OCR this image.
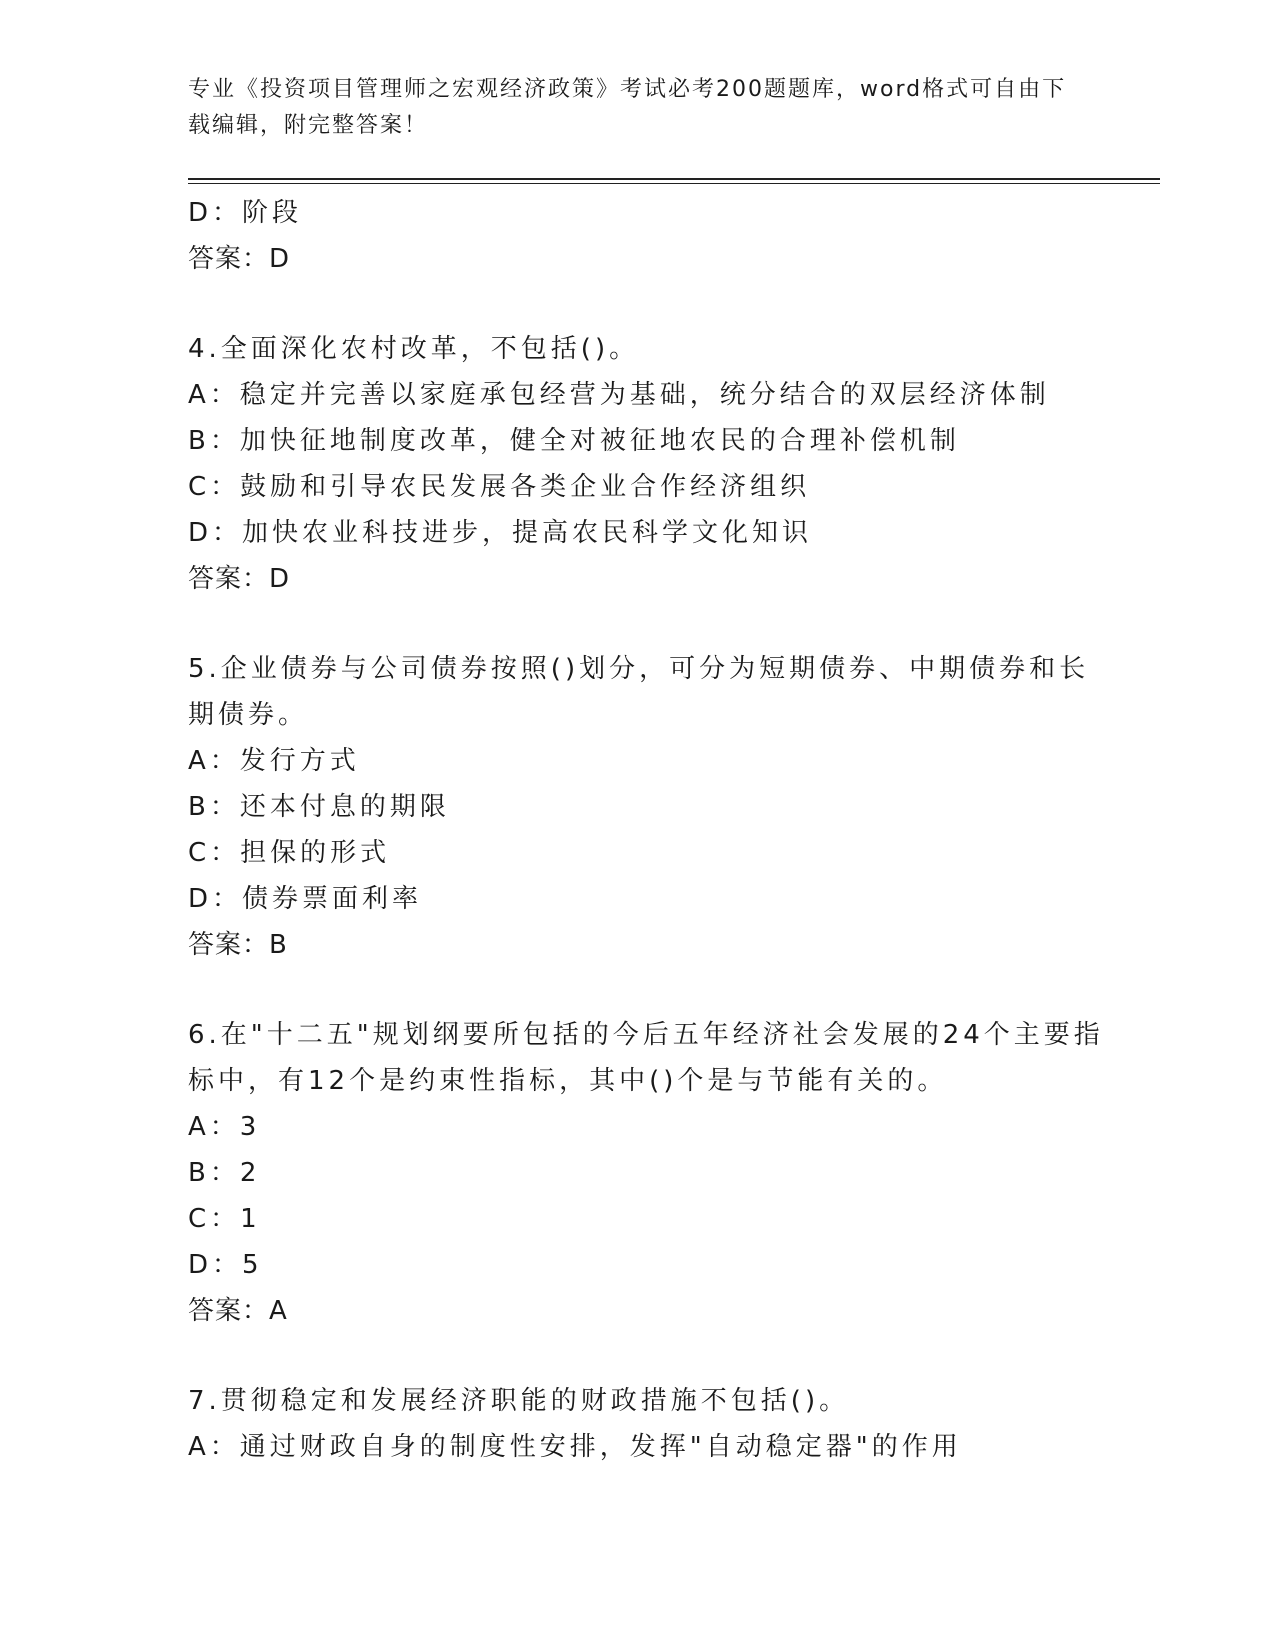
专业《投资项目管理师之宏观经济政策》考试必考200题题库，word格式可自由下载编辑，附完整答案！
D：阶段
答案：D
4.全面深化农村改革，不包括()。
A：稳定并完善以家庭承包经营为基础，统分结合的双层经济体制
B：加快征地制度改革，健全对被征地农民的合理补偿机制
C：鼓励和引导农民发展各类企业合作经济组织
D：加快农业科技进步，提高农民科学文化知识
答案：D
5.企业债券与公司债券按照()划分，可分为短期债券、中期债券和长
期债券。
A：发行方式
B：还本付息的期限
C：担保的形式
D：债券票面利率
答案：B
6.在"十二五"规划纲要所包括的今后五年经济社会发展的24个主要指
标中，有12个是约束性指标，其中()个是与节能有关的。
A：3
B：2
C：1
D：5
答案：A
7.贯彻稳定和发展经济职能的财政措施不包括()。
A：通过财政自身的制度性安排，发挥"自动稳定器"的作用
